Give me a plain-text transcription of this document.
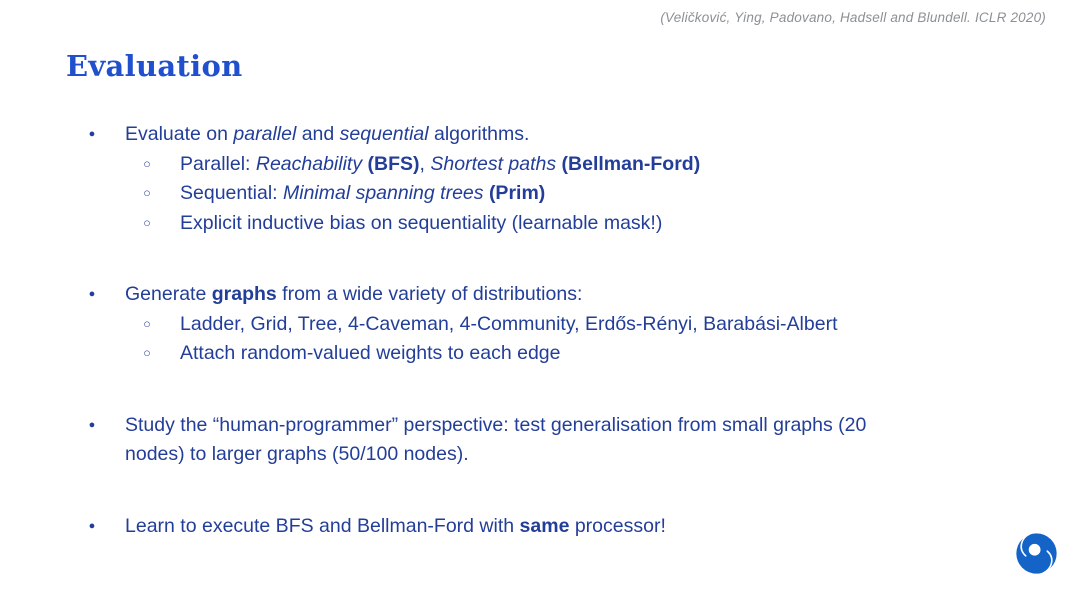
(Veličković, Ying, Padovano, Hadsell and Blundell. ICLR 2020)
Evaluation
● Evaluate on parallel and sequential algorithms.
○ Parallel: Reachability (BFS), Shortest paths (Bellman-Ford)
○ Sequential: Minimal spanning trees (Prim)
○ Explicit inductive bias on sequentiality (learnable mask!)
● Generate graphs from a wide variety of distributions:
○ Ladder, Grid, Tree, 4-Caveman, 4-Community, Erdős-Rényi, Barabási-Albert
○ Attach random-valued weights to each edge
● Study the “human-programmer” perspective: test generalisation from small graphs (20
nodes) to larger graphs (50/100 nodes).
● Learn to execute BFS and Bellman-Ford with same processor!
